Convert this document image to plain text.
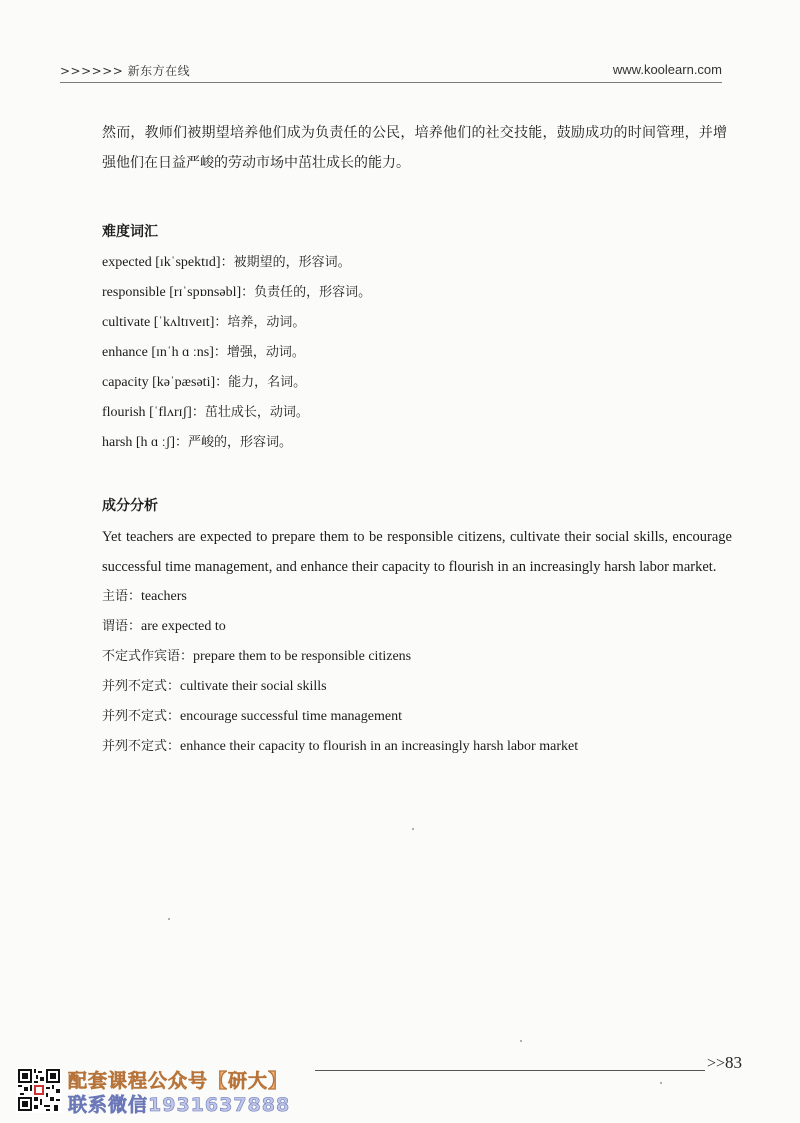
>>>>>> 新东方在线	www.koolearn.com

然而，教师们被期望培养他们成为负责任的公民，培养他们的社交技能，鼓励成功的时间管理，并增强他们在日益严峻的劳动市场中茁壮成长的能力。

难度词汇
expected [ɪkˈspektɪd]：被期望的，形容词。
responsible [rɪˈspɒnsəbl]：负责任的，形容词。
cultivate [ˈkʌltɪveɪt]：培养，动词。
enhance [ɪnˈh ɑ ːns]：增强，动词。
capacity [kəˈpæsəti]：能力，名词。
flourish [ˈflʌrɪʃ]：茁壮成长，动词。
harsh [h ɑ ːʃ]：严峻的，形容词。
成分分析

Yet teachers are expected to prepare them to be responsible citizens, cultivate their social skills, encourage successful time management, and enhance their capacity to flourish in an increasingly harsh labor market.

主语：teachers
谓语：are expected to
不定式作宾语：prepare them to be responsible citizens
并列不定式：cultivate their social skills
并列不定式：encourage successful time management
并列不定式：enhance their capacity to flourish in an increasingly harsh labor market
配套课程公众号【研大】
联系微信1931637888
>>83
